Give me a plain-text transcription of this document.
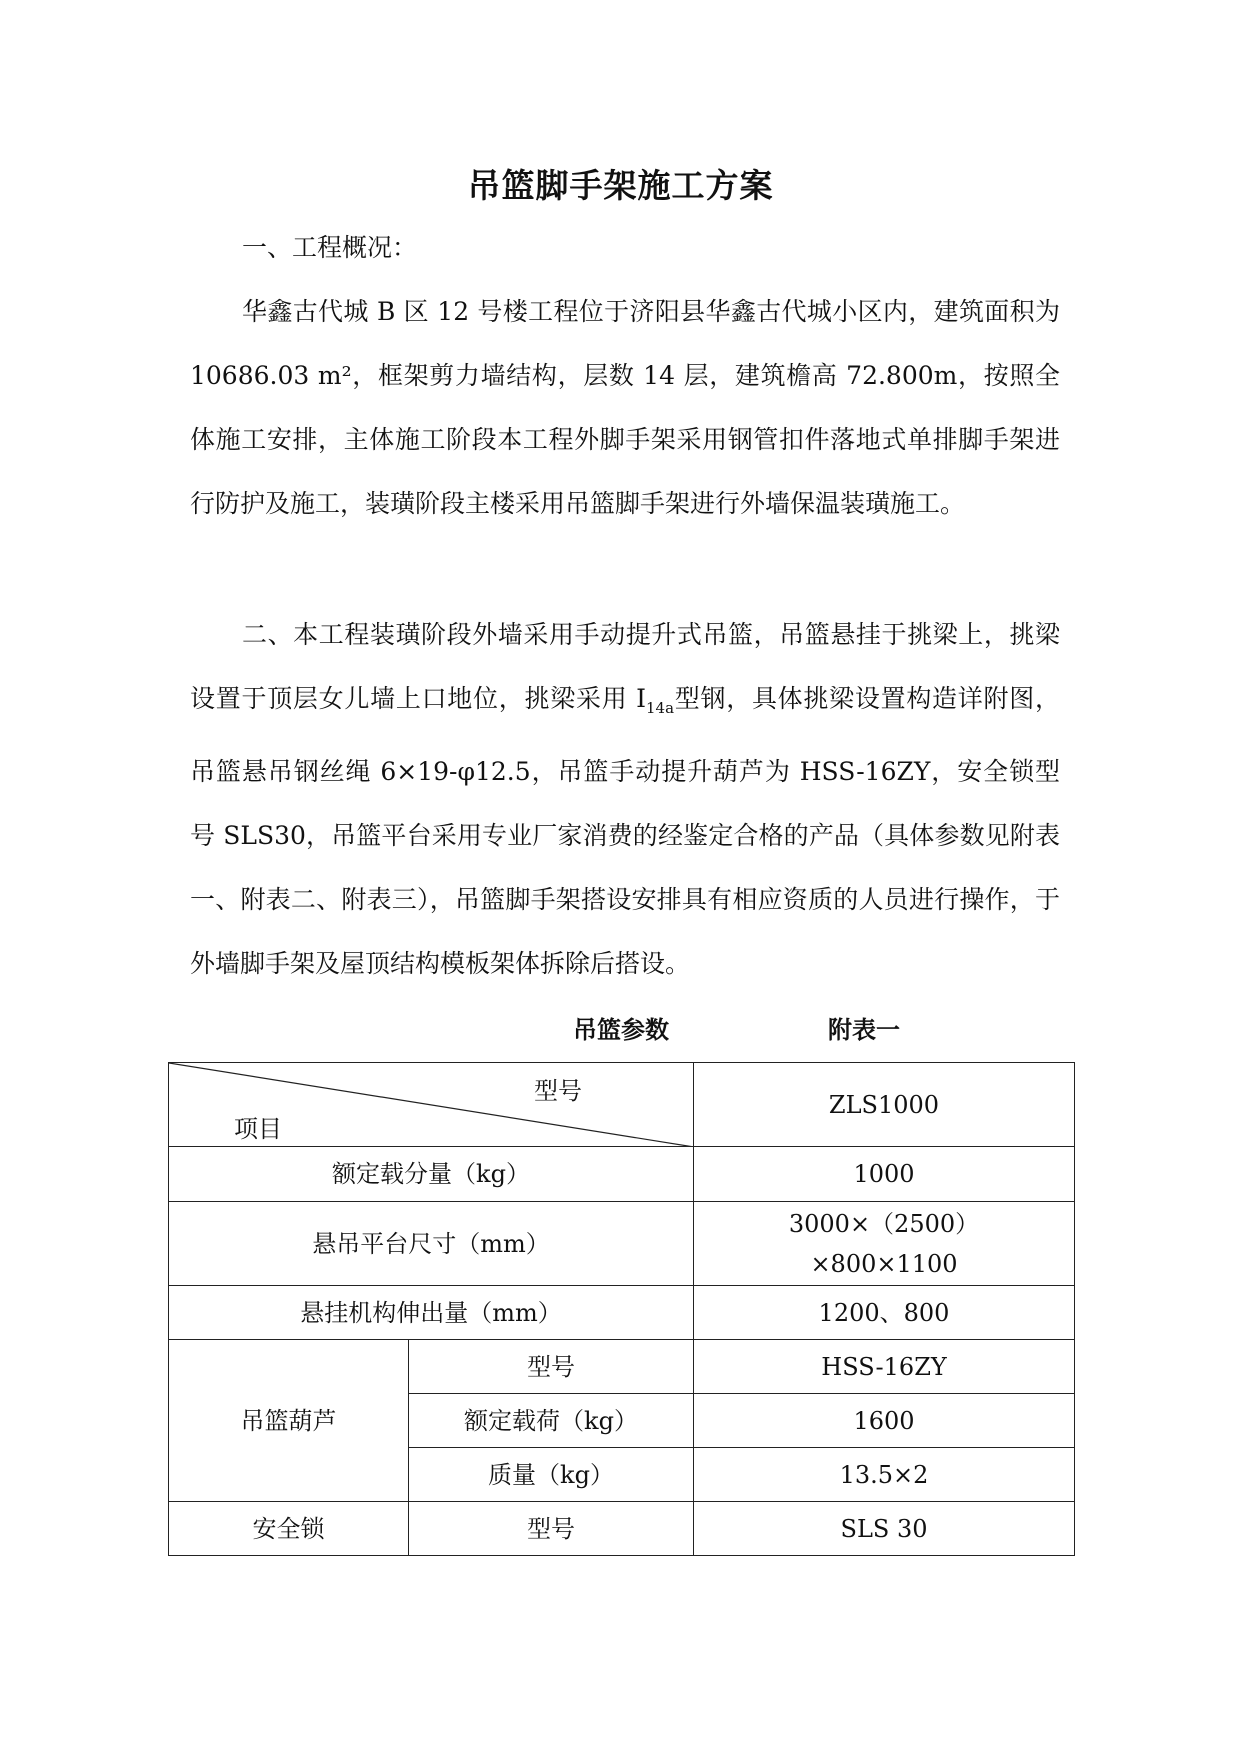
吊篮脚手架施工方案

一、工程概况：

华鑫古代城 B 区 12 号楼工程位于济阳县华鑫古代城小区内，建筑面积为 10686.03 m²，框架剪力墙结构，层数 14 层，建筑檐高 72.800m，按照全体施工安排，主体施工阶段本工程外脚手架采用钢管扣件落地式单排脚手架进行防护及施工，装璜阶段主楼采用吊篮脚手架进行外墙保温装璜施工。

二、本工程装璜阶段外墙采用手动提升式吊篮，吊篮悬挂于挑梁上，挑梁设置于顶层女儿墙上口地位，挑梁采用 $I_{14a}$型钢，具体挑梁设置构造详附图，吊篮悬吊钢丝绳 6×19-φ12.5，吊篮手动提升葫芦为 HSS-16ZY，安全锁型号 SLS30，吊篮平台采用专业厂家消费的经鉴定合格的产品（具体参数见附表一、附表二、附表三），吊篮脚手架搭设安排具有相应资质的人员进行操作，于外墙脚手架及屋顶结构模板架体拆除后搭设。

吊篮参数	附表一
型号
项目		ZLS1000
额定载分量（kg）		1000
悬吊平台尺寸（mm）		3000×（2500）×800×1100
悬挂机构伸出量（mm）		1200、800
吊篮葫芦	型号	HSS-16ZY
	额定载荷（kg）	1600
	质量（kg）	13.5×2
安全锁	型号	SLS 30
